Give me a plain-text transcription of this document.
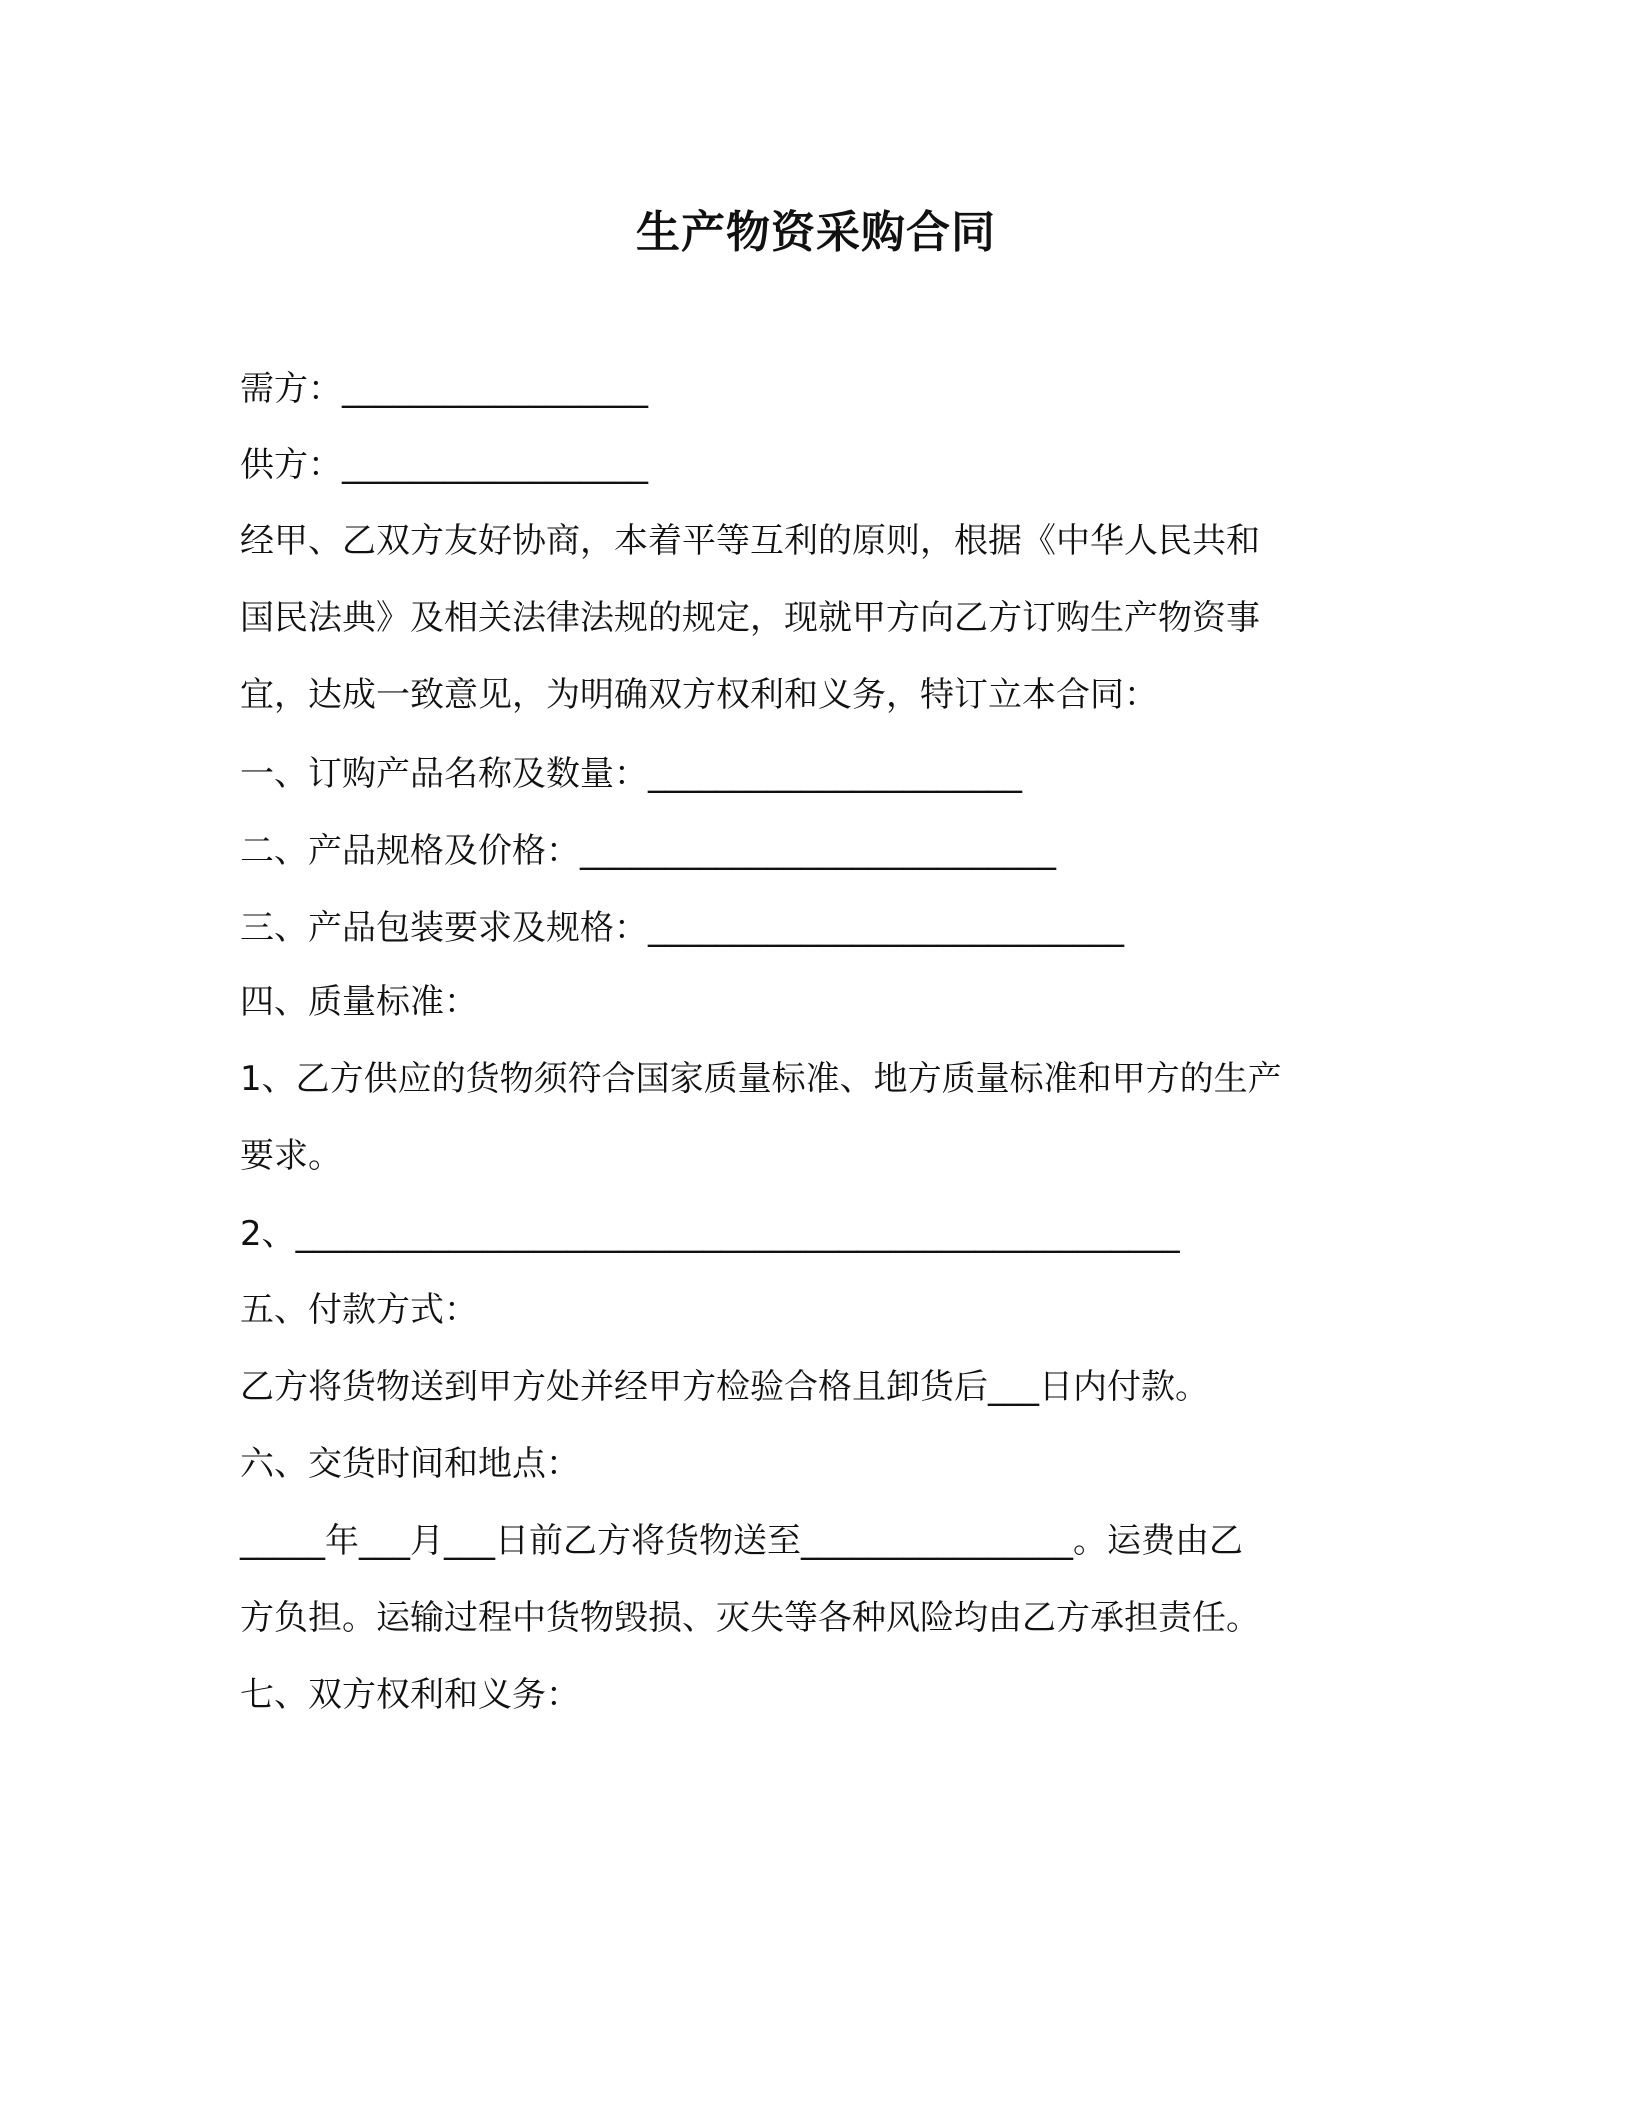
生产物资采购合同
需方：__________________
供方：__________________
经甲、乙双方友好协商，本着平等互利的原则，根据《中华人民共和
国民法典》及相关法律法规的规定，现就甲方向乙方订购生产物资事
宜，达成一致意见，为明确双方权利和义务，特订立本合同：
一、订购产品名称及数量：______________________
二、产品规格及价格：____________________________
三、产品包装要求及规格：____________________________
四、质量标准：
1、乙方供应的货物须符合国家质量标准、地方质量标准和甲方的生产
要求。
2、____________________________________________________
五、付款方式：
乙方将货物送到甲方处并经甲方检验合格且卸货后___日内付款。
六、交货时间和地点：
_____年___月___日前乙方将货物送至________________。运费由乙
方负担。运输过程中货物毁损、灭失等各种风险均由乙方承担责任。
七、双方权利和义务：
